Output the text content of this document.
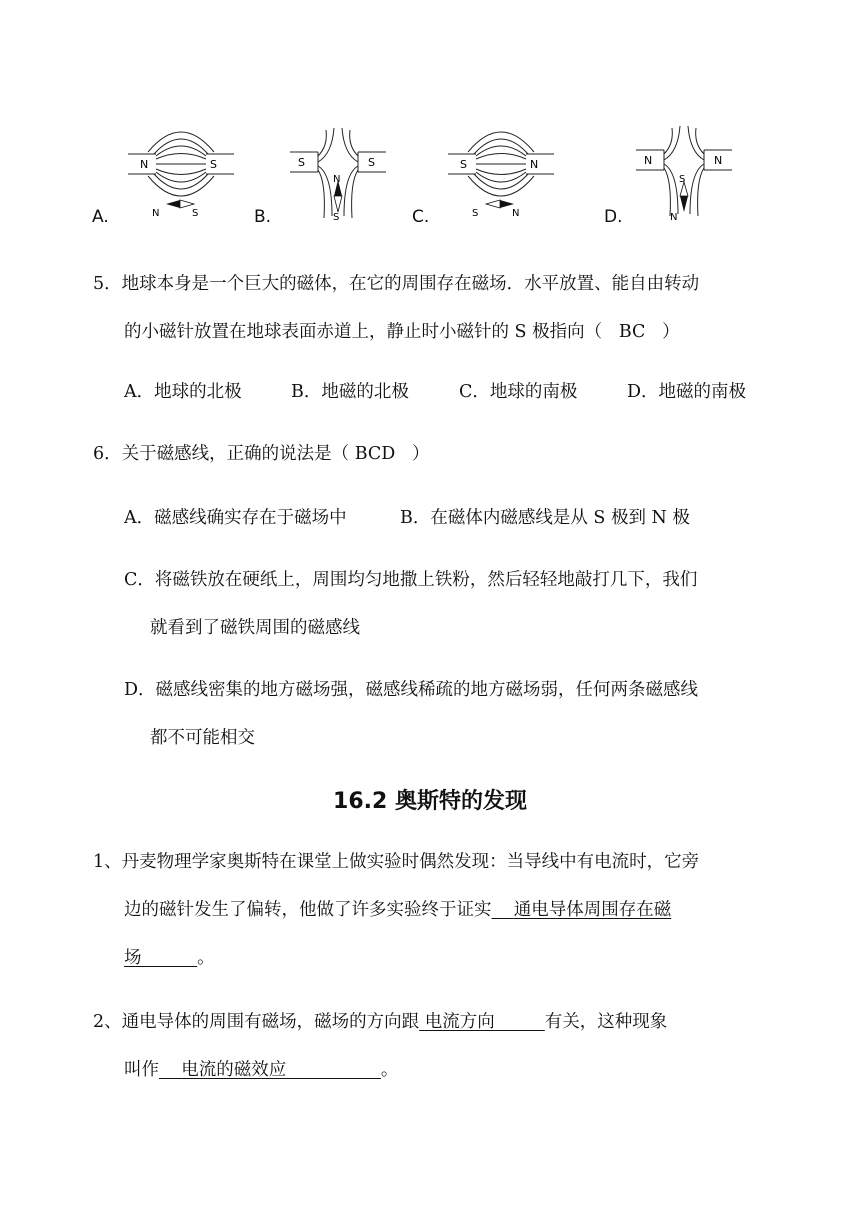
A.
N	S
N	S	B.
S	S
N
S	C.
S	N
S	N	D.
N	N
S
N
5．地球本身是一个巨大的磁体，在它的周围存在磁场．水平放置、能自由转动
的小磁针放置在地球表面赤道上，静止时小磁针的 S 极指向（ BC ）
A．地球的北极	B．地磁的北极	C．地球的南极	D．地磁的南极
6．关于磁感线，正确的说法是（ BCD ）
A．磁感线确实存在于磁场中	B．在磁体内磁感线是从 S 极到 N 极
C．将磁铁放在硬纸上，周围均匀地撒上铁粉，然后轻轻地敲打几下，我们
就看到了磁铁周围的磁感线
D．磁感线密集的地方磁场强，磁感线稀疏的地方磁场弱，任何两条磁感线
都不可能相交
16.2 奥斯特的发现
1、丹麦物理学家奥斯特在课堂上做实验时偶然发现：当导线中有电流时，它旁
边的磁针发生了偏转，他做了许多实验终于证实 通电导体周围存在磁
场	。
2、通电导体的周围有磁场，磁场的方向跟 电流方向	有关，这种现象
叫作 电流的磁效应	。
